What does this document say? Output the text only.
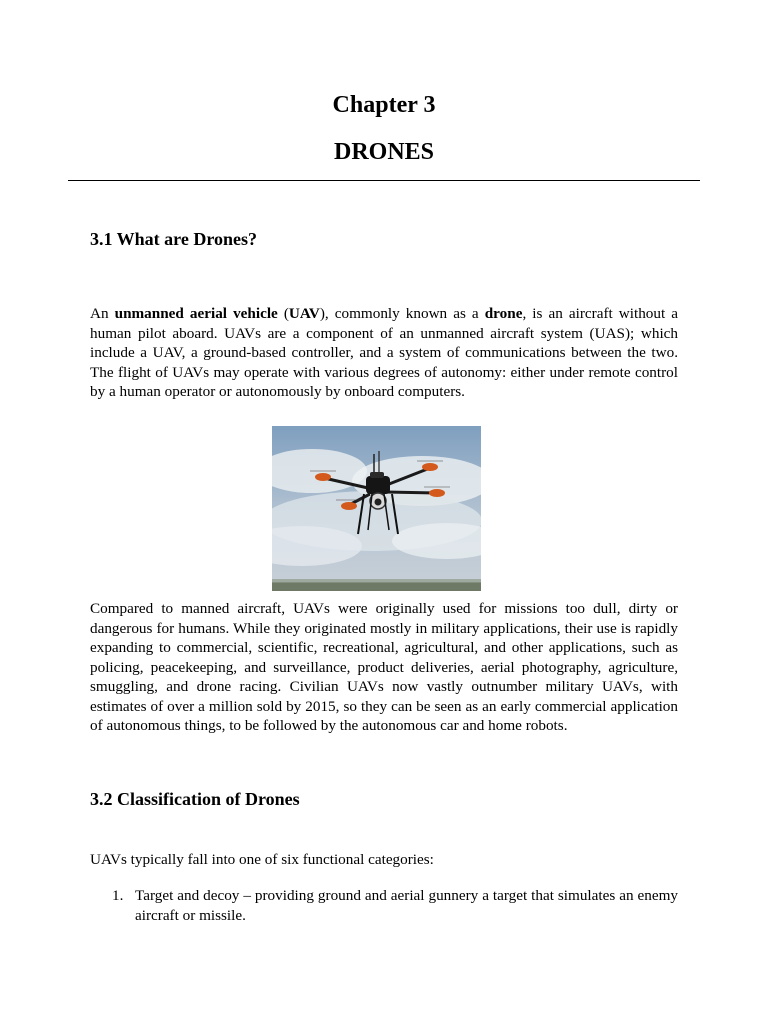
Chapter 3
DRONES
3.1 What are Drones?

An unmanned aerial vehicle (UAV), commonly known as a drone, is an aircraft without a human pilot aboard. UAVs are a component of an unmanned aircraft system (UAS); which include a UAV, a ground-based controller, and a system of communications between the two. The flight of UAVs may operate with various degrees of autonomy: either under remote control by a human operator or autonomously by onboard computers.

Compared to manned aircraft, UAVs were originally used for missions too dull, dirty or dangerous for humans. While they originated mostly in military applications, their use is rapidly expanding to commercial, scientific, recreational, agricultural, and other applications, such as policing, peacekeeping, and surveillance, product deliveries, aerial photography, agriculture, smuggling, and drone racing. Civilian UAVs now vastly outnumber military UAVs, with estimates of over a million sold by 2015, so they can be seen as an early commercial application of autonomous things, to be followed by the autonomous car and home robots.

3.2 Classification of Drones

UAVs typically fall into one of six functional categories:

1. Target and decoy – providing ground and aerial gunnery a target that simulates an enemy aircraft or missile.
